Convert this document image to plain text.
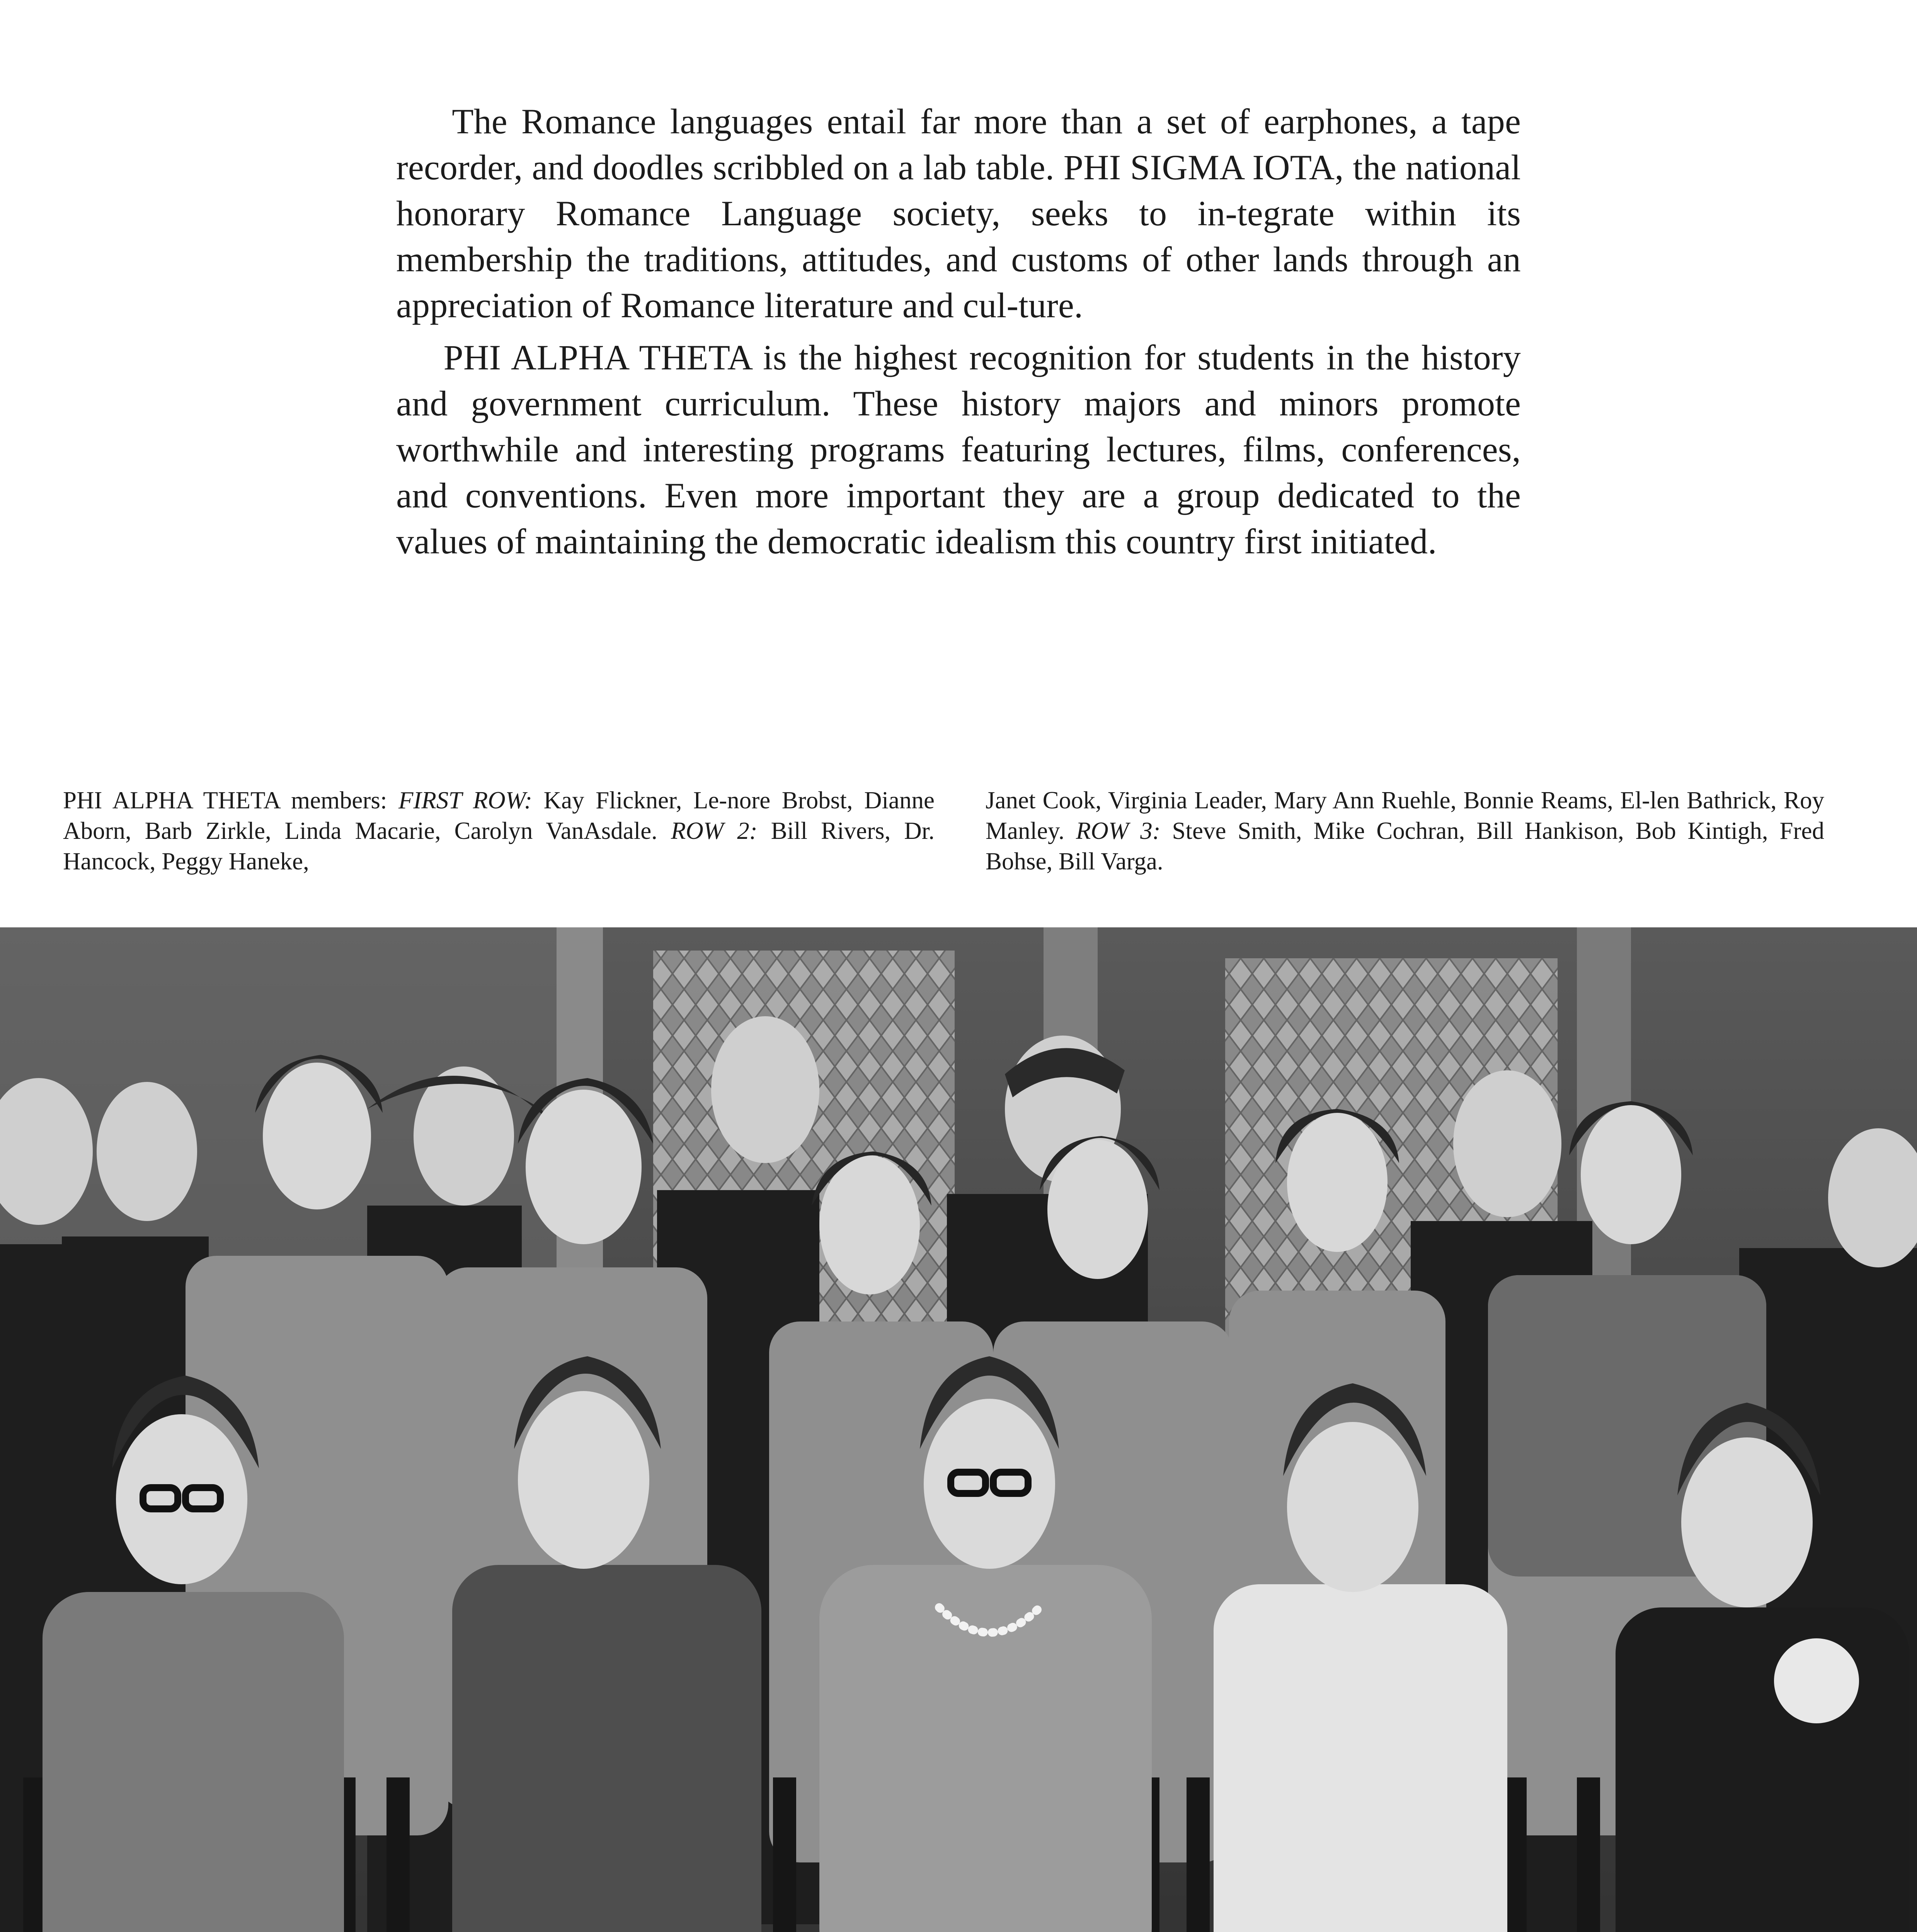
The Romance languages entail far more than a set of earphones, a tape recorder, and doodles scribbled on a lab table. PHI SIGMA IOTA, the national honorary Romance Language society, seeks to in-tegrate within its membership the traditions, attitudes, and customs of other lands through an appreciation of Romance literature and cul-ture.

PHI ALPHA THETA is the highest recognition for students in the history and government curriculum. These history majors and minors promote worthwhile and interesting programs featuring lectures, films, conferences, and conventions. Even more important they are a group dedicated to the values of maintaining the democratic idealism this country first initiated.

PHI ALPHA THETA members: FIRST ROW: Kay Flickner, Le-nore Brobst, Dianne Aborn, Barb Zirkle, Linda Macarie, Carolyn VanAsdale. ROW 2: Bill Rivers, Dr. Hancock, Peggy Haneke,
Janet Cook, Virginia Leader, Mary Ann Ruehle, Bonnie Reams, El-len Bathrick, Roy Manley. ROW 3: Steve Smith, Mike Cochran, Bill Hankison, Bob Kintigh, Fred Bohse, Bill Varga.
